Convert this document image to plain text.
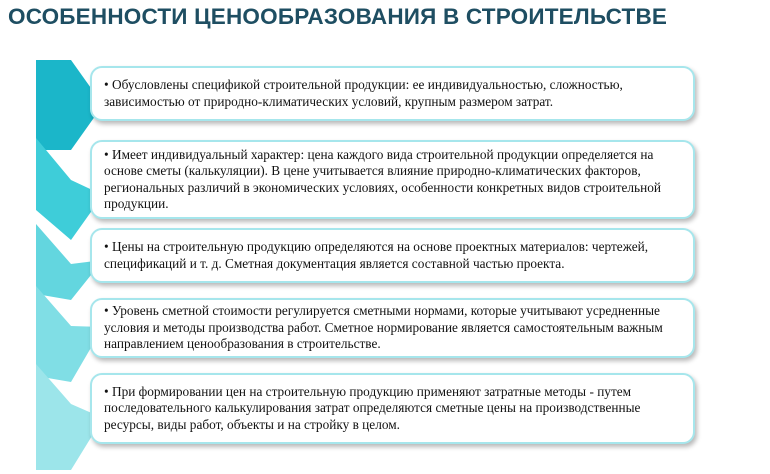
ОСОБЕННОСТИ ЦЕНООБРАЗОВАНИЯ В СТРОИТЕЛЬСТВЕ
• Обусловлены спецификой строительной продукции: ее индивидуальностью, сложностью, зависимостью от природно-климатических условий, крупным размером затрат.
• Имеет индивидуальный характер: цена каждого вида строительной продукции определяется на основе сметы (калькуляции). В цене учитывается влияние природно-климатических факторов, региональных различий в экономических условиях, особенности конкретных видов строительной продукции.
• Цены на строительную продукцию определяются на основе проектных материалов: чертежей, спецификаций и т. д. Сметная документация является составной частью проекта.
• Уровень сметной стоимости регулируется сметными нормами, которые учитывают усредненные условия и методы производства работ. Сметное нормирование является самостоятельным важным направлением ценообразования в строительстве.
• При формировании цен на строительную продукцию применяют затратные методы - путем последовательного калькулирования затрат определяются сметные цены на производственные ресурсы, виды работ, объекты и на стройку в целом.
